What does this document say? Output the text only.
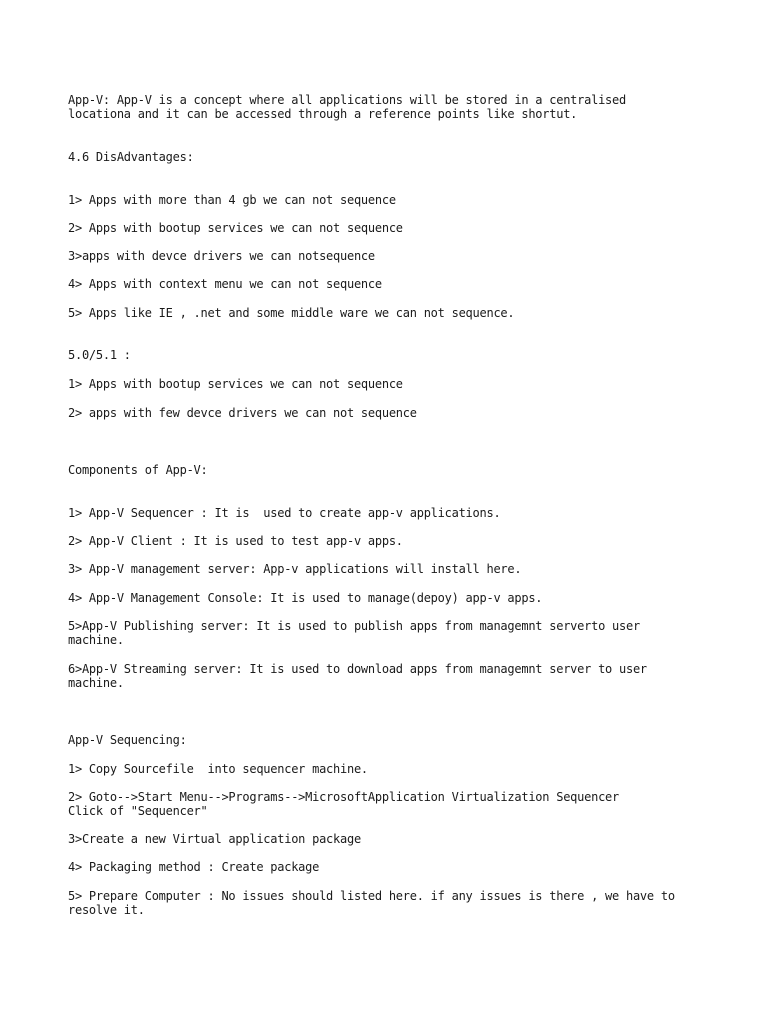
App-V: App-V is a concept where all applications will be stored in a centralised
locationa and it can be accessed through a reference points like shortut.
4.6 DisAdvantages:
1> Apps with more than 4 gb we can not sequence
2> Apps with bootup services we can not sequence
3>apps with devce drivers we can notsequence
4> Apps with context menu we can not sequence
5> Apps like IE , .net and some middle ware we can not sequence.
5.0/5.1 :
1> Apps with bootup services we can not sequence
2> apps with few devce drivers we can not sequence
Components of App-V:
1> App-V Sequencer : It is  used to create app-v applications.
2> App-V Client : It is used to test app-v apps.
3> App-V management server: App-v applications will install here.
4> App-V Management Console: It is used to manage(depoy) app-v apps.
5>App-V Publishing server: It is used to publish apps from managemnt serverto user
machine.
6>App-V Streaming server: It is used to download apps from managemnt server to user
machine.
App-V Sequencing:
1> Copy Sourcefile  into sequencer machine.
2> Goto-->Start Menu-->Programs-->MicrosoftApplication Virtualization Sequencer
Click of "Sequencer"
3>Create a new Virtual application package
4> Packaging method : Create package
5> Prepare Computer : No issues should listed here. if any issues is there , we have to
resolve it.
